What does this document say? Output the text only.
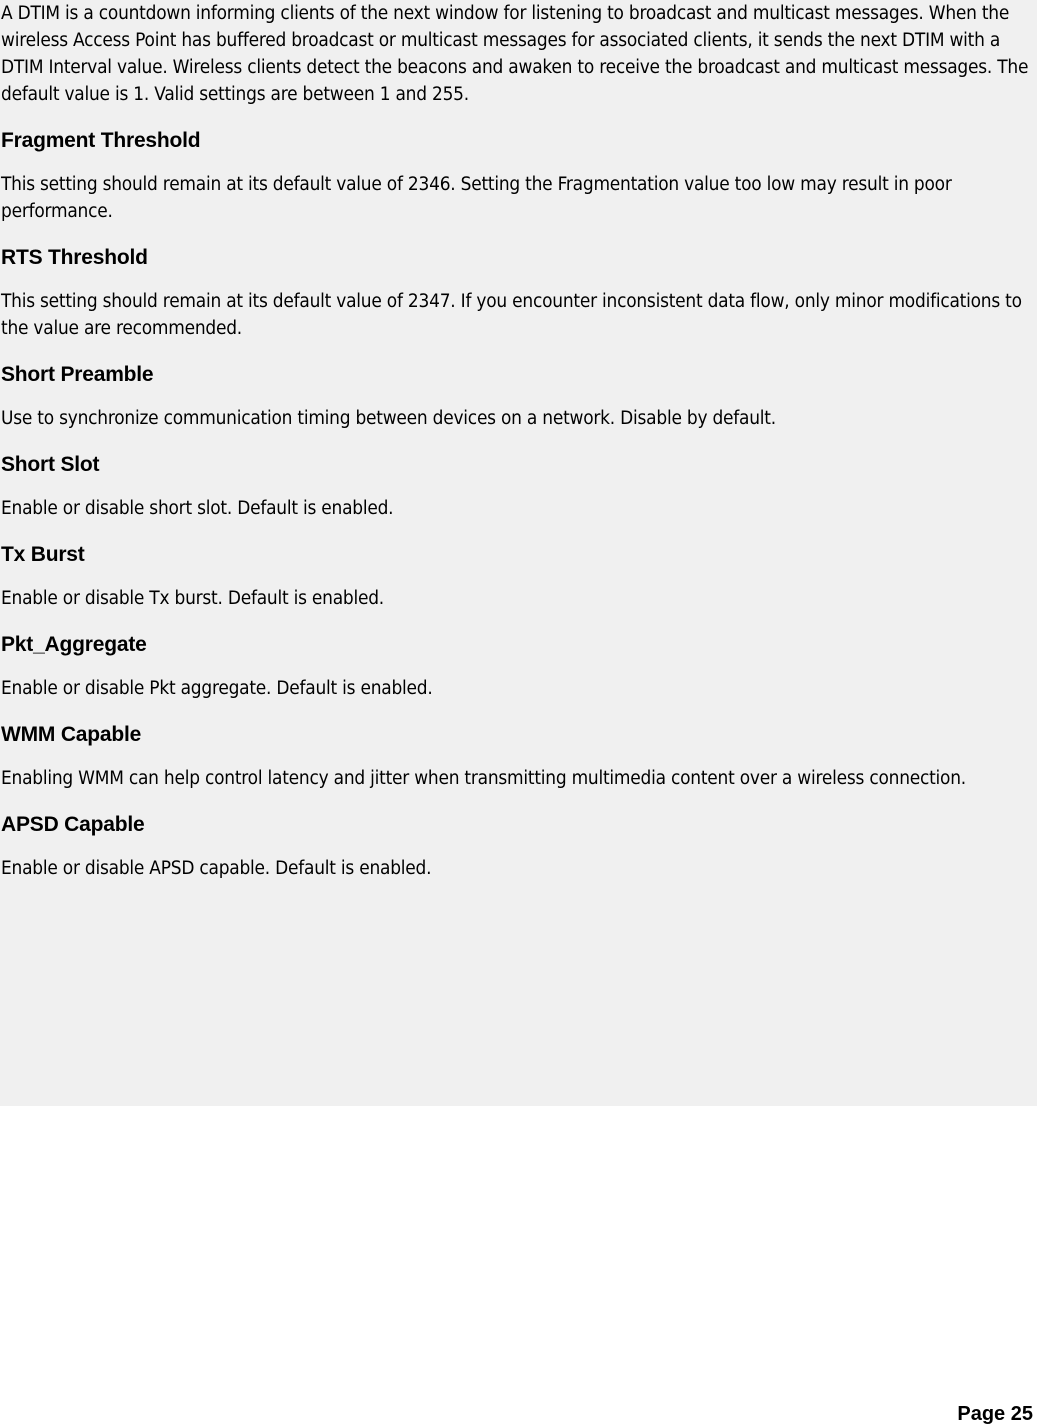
A DTIM is a countdown informing clients of the next window for listening to broadcast and multicast messages. When the wireless Access Point has buffered broadcast or multicast messages for associated clients, it sends the next DTIM with a DTIM Interval value. Wireless clients detect the beacons and awaken to receive the broadcast and multicast messages. The default value is 1. Valid settings are between 1 and 255.

Fragment Threshold

This setting should remain at its default value of 2346. Setting the Fragmentation value too low may result in poor performance.

RTS Threshold

This setting should remain at its default value of 2347. If you encounter inconsistent data flow, only minor modifications to the value are recommended.

Short Preamble

Use to synchronize communication timing between devices on a network. Disable by default.

Short Slot

Enable or disable short slot. Default is enabled.

Tx Burst

Enable or disable Tx burst. Default is enabled.

Pkt_Aggregate

Enable or disable Pkt aggregate. Default is enabled.

WMM Capable

Enabling WMM can help control latency and jitter when transmitting multimedia content over a wireless connection.

APSD Capable

Enable or disable APSD capable. Default is enabled.

Page 25
